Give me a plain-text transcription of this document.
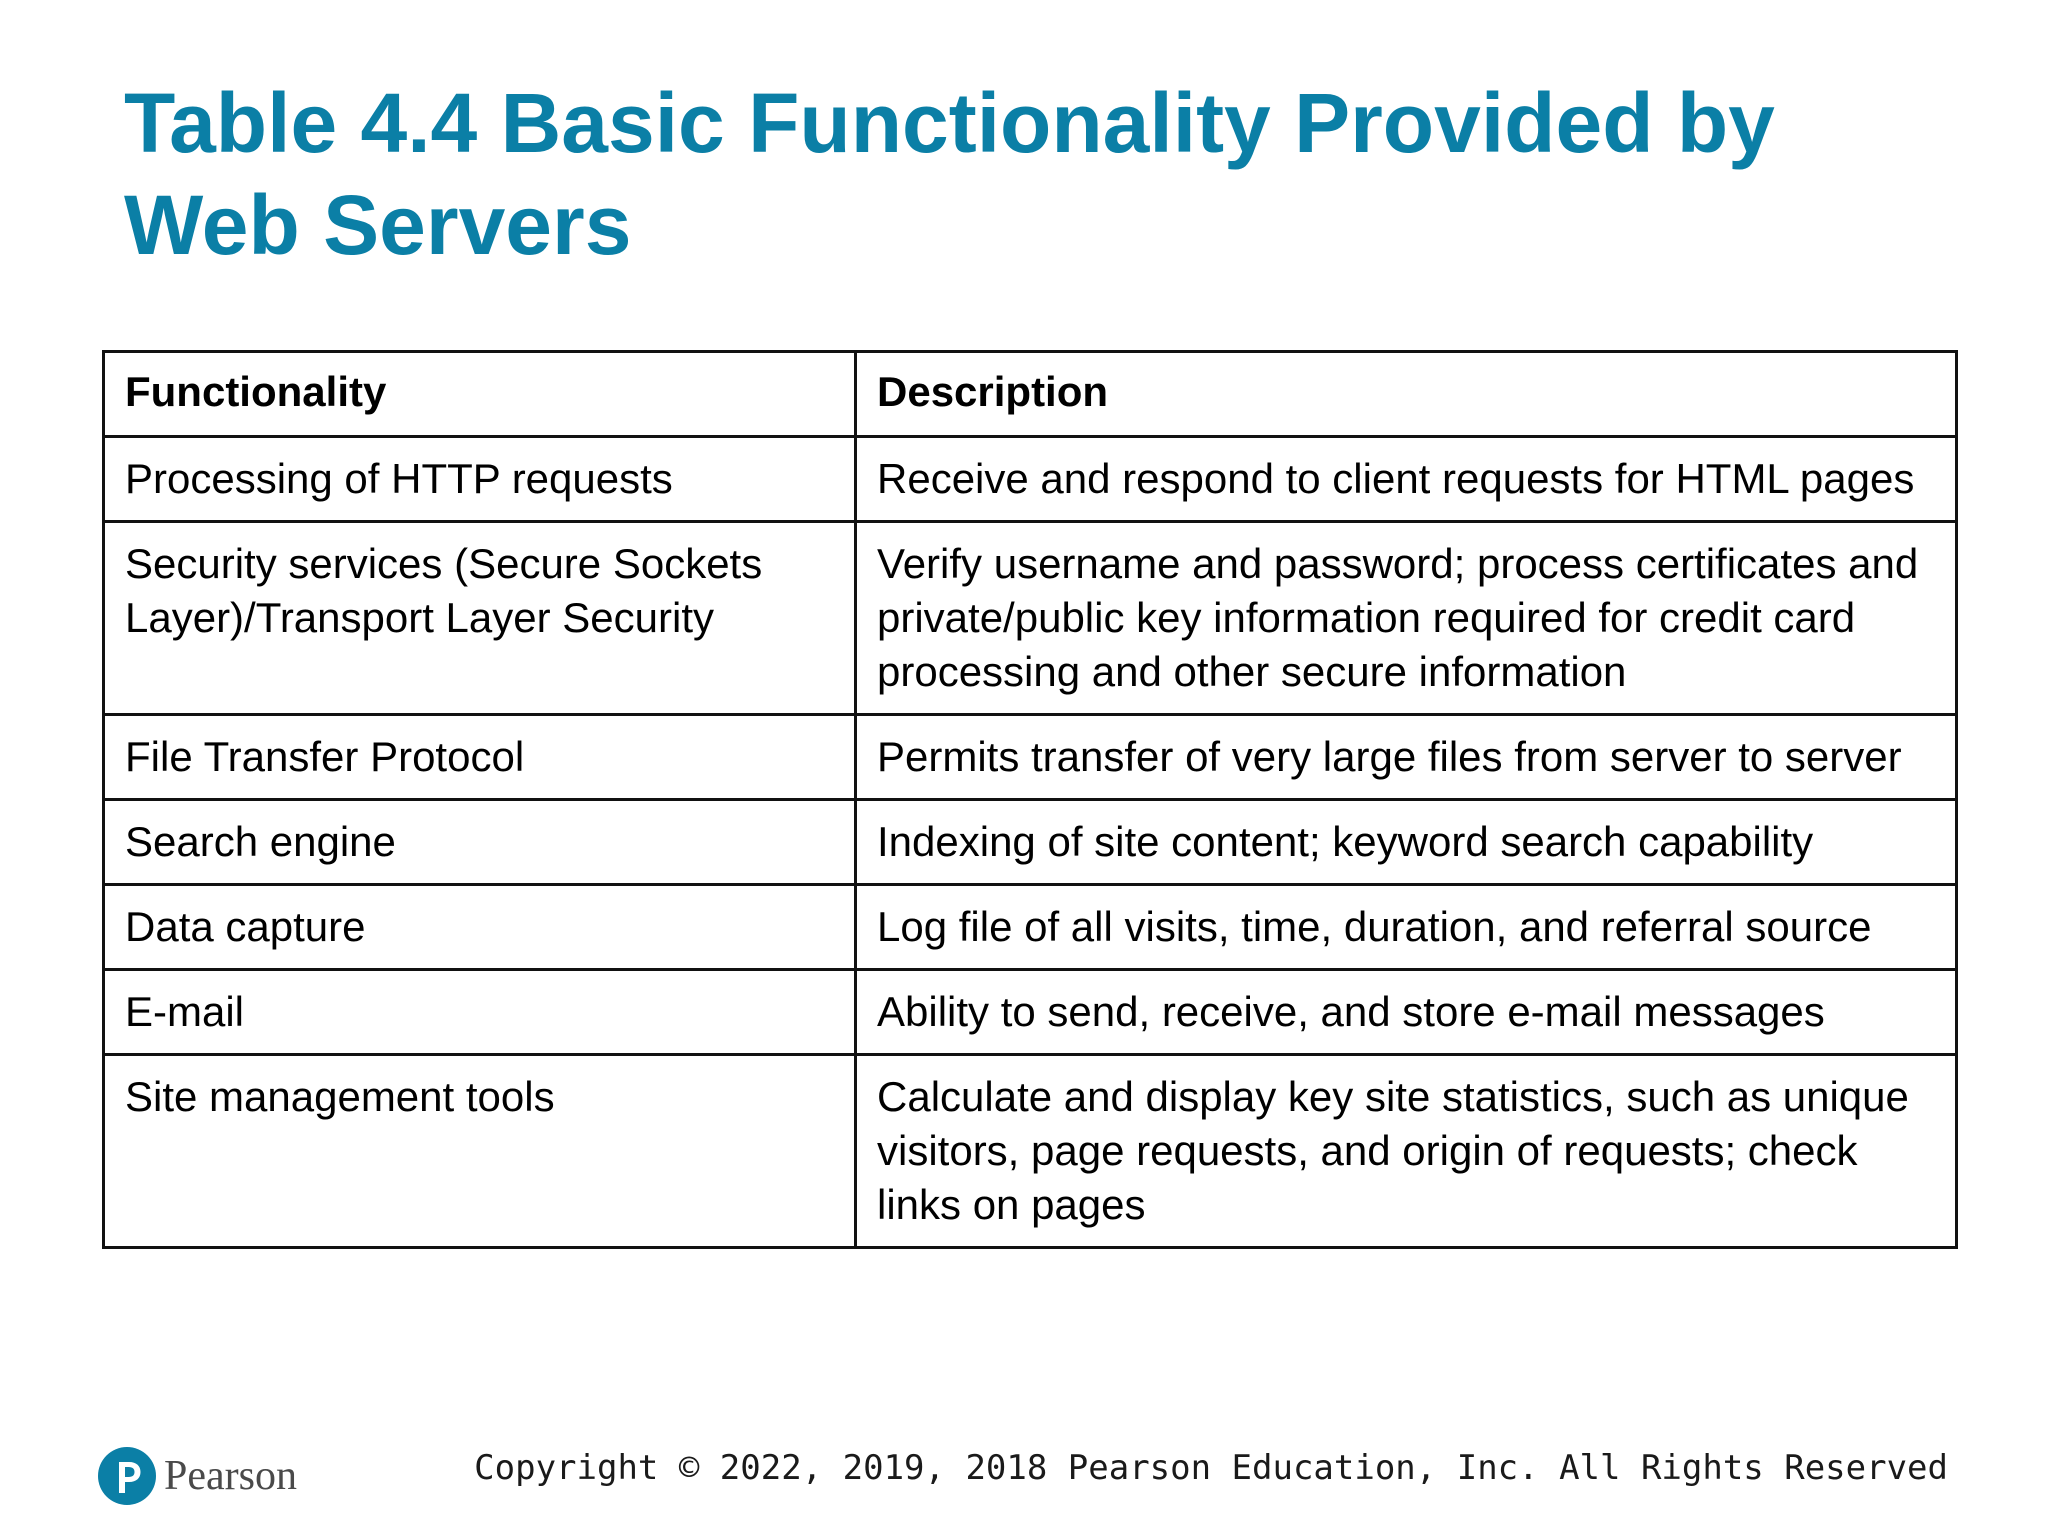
Table 4.4 Basic Functionality Provided by
Web Servers
Functionality	Description
Processing of HTTP requests	Receive and respond to client requests for HTML pages
Security services (Secure Sockets Layer)/Transport Layer Security	Verify username and password; process certificates and private/public key information required for credit card processing and other secure information
File Transfer Protocol	Permits transfer of very large files from server to server
Search engine	Indexing of site content; keyword search capability
Data capture	Log file of all visits, time, duration, and referral source
E-mail	Ability to send, receive, and store e-mail messages
Site management tools	Calculate and display key site statistics, such as unique visitors, page requests, and origin of requests; check links on pages
Pearson	Copyright © 2022, 2019, 2018 Pearson Education, Inc. All Rights Reserved
